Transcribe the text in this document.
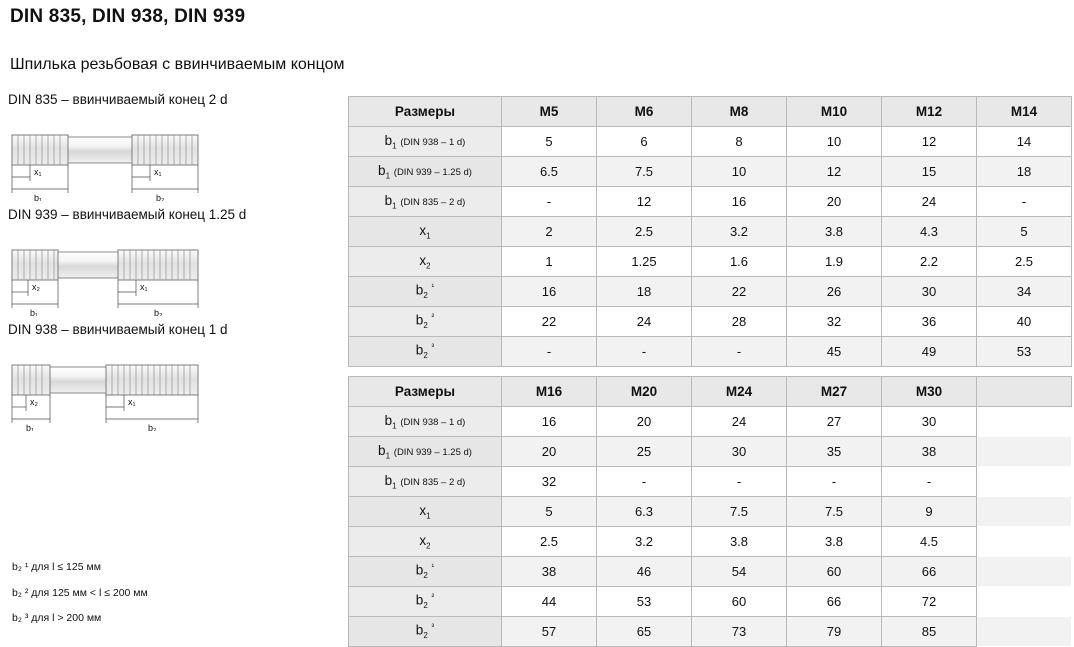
DIN 835, DIN 938, DIN 939
Шпилька резьбовая с ввинчиваемым концом
DIN 835 – ввинчиваемый конец 2 d
x₁	x₁
b₁	b₂
DIN 939 – ввинчиваемый конец 1.25 d
x₂	x₁
b₁	b₂
DIN 938 – ввинчиваемый конец 1 d
x₂	x₁
b₁	b₂
b₂ ¹ для l ≤ 125 мм
b₂ ² для 125 мм < l ≤ 200 мм
b₂ ³ для l > 200 мм
Размеры	M5	M6	M8	M10	M12	M14
$b_1$ (DIN 938 – 1 d)	5	6	8	10	12	14
$b_1$ (DIN 939 – 1.25 d)	6.5	7.5	10	12	15	18
$b_1$ (DIN 835 – 2 d)	-	12	16	20	24	-
$x_1$	2	2.5	3.2	3.8	4.3	5
$x_2$	1	1.25	1.6	1.9	2.2	2.5
$b_2$ $^{^1}$	16	18	22	26	30	34
$b_2$ $^{^2}$	22	24	28	32	36	40
$b_2$ $^{^3}$	-	-	-	45	49	53
Размеры	M16	M20	M24	M27	M30	
$b_1$ (DIN 938 – 1 d)	16	20	24	27	30	
$b_1$ (DIN 939 – 1.25 d)	20	25	30	35	38	
$b_1$ (DIN 835 – 2 d)	32	-	-	-	-	
$x_1$	5	6.3	7.5	7.5	9	
$x_2$	2.5	3.2	3.8	3.8	4.5	
$b_2$ $^{^1}$	38	46	54	60	66	
$b_2$ $^{^2}$	44	53	60	66	72	
$b_2$ $^{^3}$	57	65	73	79	85	
